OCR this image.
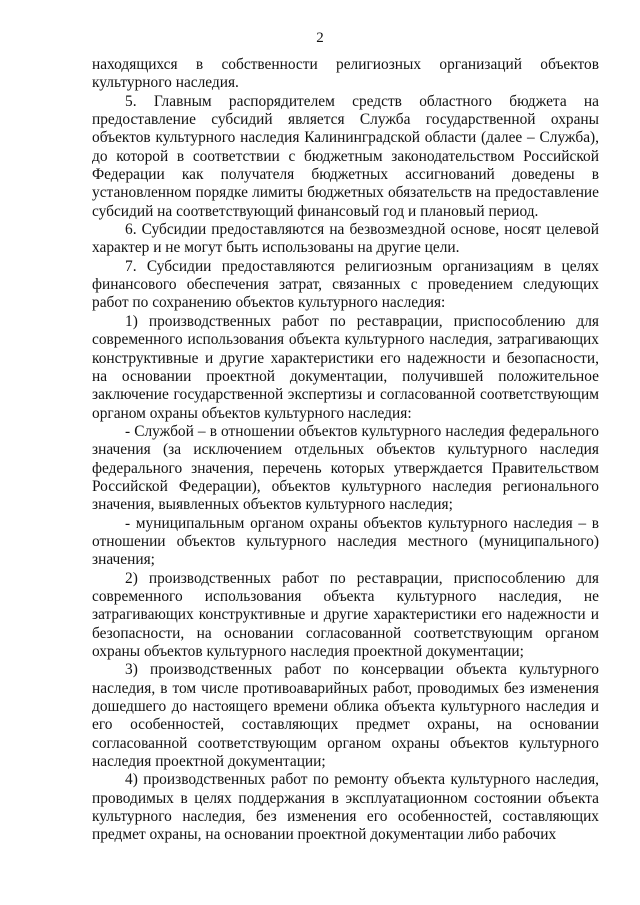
2

находящихся в собственности религиозных организаций объектов культурного наследия.

5. Главным распорядителем средств областного бюджета на предоставление субсидий является Служба государственной охраны объектов культурного наследия Калининградской области (далее – Служба), до которой в соответствии с бюджетным законодательством Российской Федерации как получателя бюджетных ассигнований доведены в установленном порядке лимиты бюджетных обязательств на предоставление субсидий на соответствующий финансовый год и плановый период.

6. Субсидии предоставляются на безвозмездной основе, носят целевой характер и не могут быть использованы на другие цели.

7. Субсидии предоставляются религиозным организациям в целях финансового обеспечения затрат, связанных с проведением следующих работ по сохранению объектов культурного наследия:

1) производственных работ по реставрации, приспособлению для современного использования объекта культурного наследия, затрагивающих конструктивные и другие характеристики его надежности и безопасности, на основании проектной документации, получившей положительное заключение государственной экспертизы и согласованной соответствующим органом охраны объектов культурного наследия:

- Службой – в отношении объектов культурного наследия федерального значения (за исключением отдельных объектов культурного наследия федерального значения, перечень которых утверждается Правительством Российской Федерации), объектов культурного наследия регионального значения, выявленных объектов культурного наследия;

- муниципальным органом охраны объектов культурного наследия – в отношении объектов культурного наследия местного (муниципального) значения;

2) производственных работ по реставрации, приспособлению для современного использования объекта культурного наследия, не затрагивающих конструктивные и другие характеристики его надежности и безопасности, на основании согласованной соответствующим органом охраны объектов культурного наследия проектной документации;

3) производственных работ по консервации объекта культурного наследия, в том числе противоаварийных работ, проводимых без изменения дошедшего до настоящего времени облика объекта культурного наследия и его особенностей, составляющих предмет охраны, на основании согласованной соответствующим органом охраны объектов культурного наследия проектной документации;

4) производственных работ по ремонту объекта культурного наследия, проводимых в целях поддержания в эксплуатационном состоянии объекта культурного наследия, без изменения его особенностей, составляющих предмет охраны, на основании проектной документации либо рабочих
